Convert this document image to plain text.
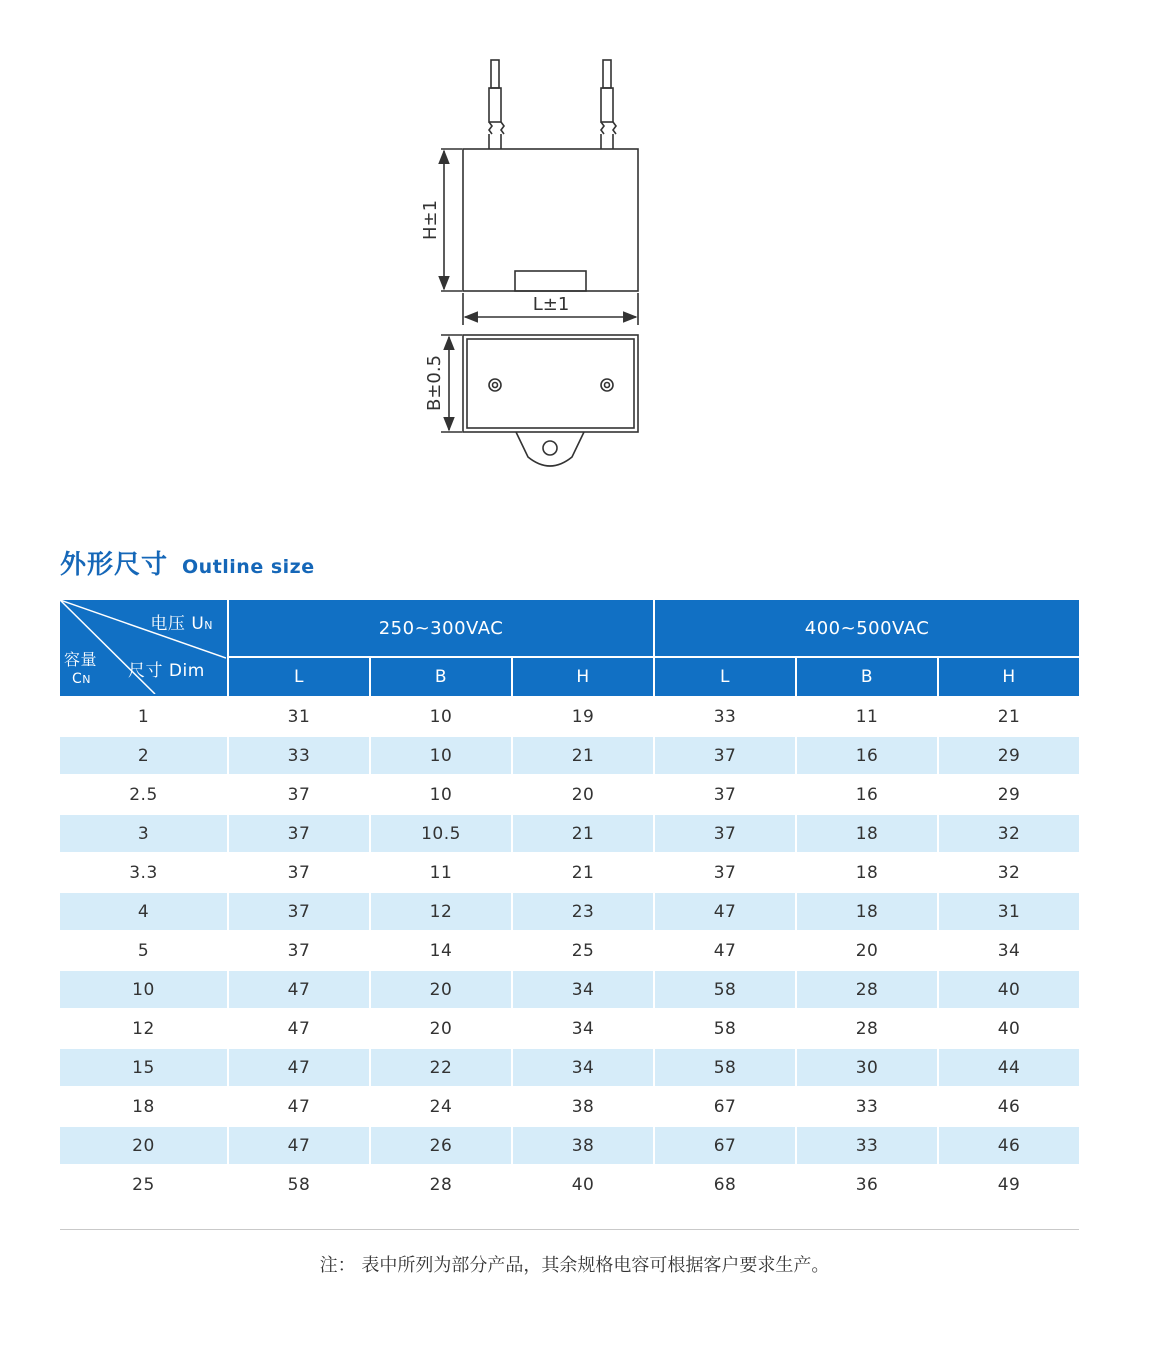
H±1
L±1
B±0.5
外形尺寸 Outline size
电压 UN
尺寸 Dim
容量
CN	250~300VAC			400~500VAC		
	L	B	H	L	B	H
1	31	10	19	33	11	21
2	33	10	21	37	16	29
2.5	37	10	20	37	16	29
3	37	10.5	21	37	18	32
3.3	37	11	21	37	18	32
4	37	12	23	47	18	31
5	37	14	25	47	20	34
10	47	20	34	58	28	40
12	47	20	34	58	28	40
15	47	22	34	58	30	44
18	47	24	38	67	33	46
20	47	26	38	67	33	46
25	58	28	40	68	36	49
注： 表中所列为部分产品，其余规格电容可根据客户要求生产。
